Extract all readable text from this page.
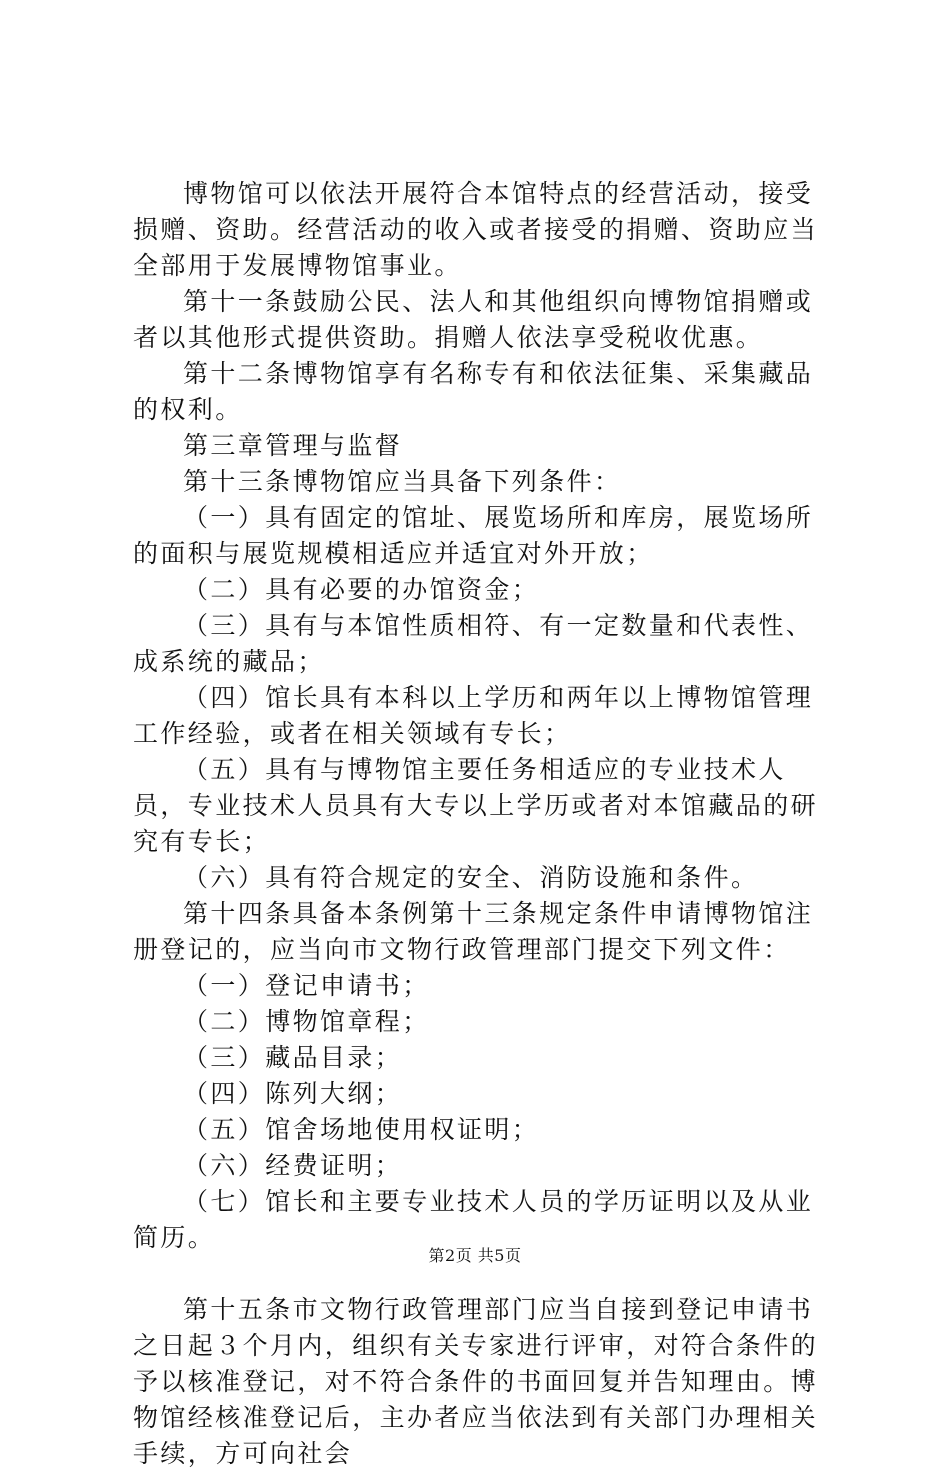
博物馆可以依法开展符合本馆特点的经营活动，接受损赠、资助。经营活动的收入或者接受的捐赠、资助应当全部用于发展博物馆事业。

第十一条鼓励公民、法人和其他组织向博物馆捐赠或者以其他形式提供资助。捐赠人依法享受税收优惠。

第十二条博物馆享有名称专有和依法征集、采集藏品的权利。

第三章管理与监督

第十三条博物馆应当具备下列条件：

（一）具有固定的馆址、展览场所和库房，展览场所的面积与展览规模相适应并适宜对外开放；

（二）具有必要的办馆资金；

（三）具有与本馆性质相符、有一定数量和代表性、成系统的藏品；

（四）馆长具有本科以上学历和两年以上博物馆管理工作经验，或者在相关领域有专长；

（五）具有与博物馆主要任务相适应的专业技术人员，专业技术人员具有大专以上学历或者对本馆藏品的研究有专长；

（六）具有符合规定的安全、消防设施和条件。

第十四条具备本条例第十三条规定条件申请博物馆注册登记的，应当向市文物行政管理部门提交下列文件：

（一）登记申请书；

（二）博物馆章程；

（三）藏品目录；

（四）陈列大纲；

（五）馆舍场地使用权证明；

（六）经费证明；

（七）馆长和主要专业技术人员的学历证明以及从业简历。

第十五条市文物行政管理部门应当自接到登记申请书之日起３个月内，组织有关专家进行评审，对符合条件的予以核准登记，对不符合条件的书面回复并告知理由。博物馆经核准登记后，主办者应当依法到有关部门办理相关手续，方可向社会

第2页 共5页
